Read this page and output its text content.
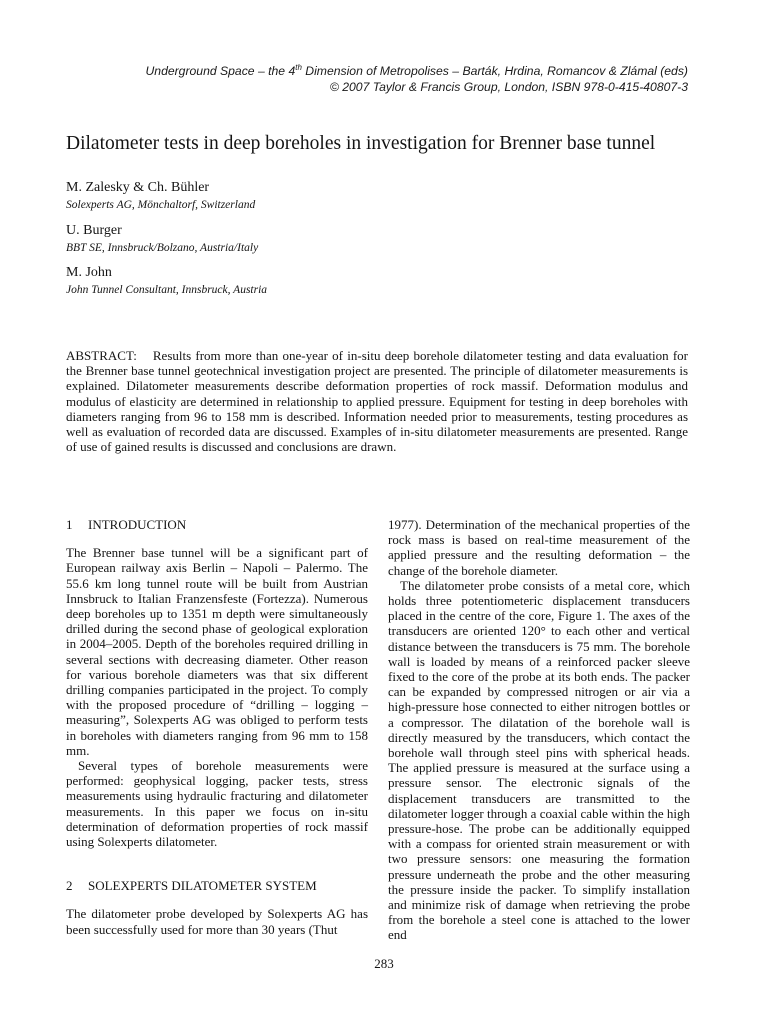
Underground Space – the 4th Dimension of Metropolises – Barták, Hrdina, Romancov & Zlámal (eds)
© 2007 Taylor & Francis Group, London, ISBN 978-0-415-40807-3
Dilatometer tests in deep boreholes in investigation for Brenner base tunnel
M. Zalesky & Ch. Bühler
Solexperts AG, Mönchaltorf, Switzerland
U. Burger
BBT SE, Innsbruck/Bolzano, Austria/Italy
M. John
John Tunnel Consultant, Innsbruck, Austria

ABSTRACT: Results from more than one-year of in-situ deep borehole dilatometer testing and data evaluation for the Brenner base tunnel geotechnical investigation project are presented. The principle of dilatometer measurements is explained. Dilatometer measurements describe deformation properties of rock massif. Deformation modulus and modulus of elasticity are determined in relationship to applied pressure. Equipment for testing in deep boreholes with diameters ranging from 96 to 158 mm is described. Information needed prior to measurements, testing procedures as well as evaluation of recorded data are discussed. Examples of in-situ dilatometer measurements are presented. Range of use of gained results is discussed and conclusions are drawn.

1 INTRODUCTION

The Brenner base tunnel will be a significant part of European railway axis Berlin – Napoli – Palermo. The 55.6 km long tunnel route will be built from Austrian Innsbruck to Italian Franzensfeste (Fortezza). Numerous deep boreholes up to 1351 m depth were simultaneously drilled during the second phase of geological exploration in 2004–2005. Depth of the boreholes required drilling in several sections with decreasing diameter. Other reason for various borehole diameters was that six different drilling companies participated in the project. To comply with the proposed procedure of “drilling – logging – measuring”, Solexperts AG was obliged to perform tests in boreholes with diameters ranging from 96 mm to 158 mm.

Several types of borehole measurements were performed: geophysical logging, packer tests, stress measurements using hydraulic fracturing and dilatometer measurements. In this paper we focus on in-situ determination of deformation properties of rock massif using Solexperts dilatometer.

2 SOLEXPERTS DILATOMETER SYSTEM

The dilatometer probe developed by Solexperts AG has been successfully used for more than 30 years (Thut

1977). Determination of the mechanical properties of the rock mass is based on real-time measurement of the applied pressure and the resulting deformation – the change of the borehole diameter.

The dilatometer probe consists of a metal core, which holds three potentiometeric displacement transducers placed in the centre of the core, Figure 1. The axes of the transducers are oriented 120° to each other and vertical distance between the transducers is 75 mm. The borehole wall is loaded by means of a reinforced packer sleeve fixed to the core of the probe at its both ends. The packer can be expanded by compressed nitrogen or air via a high-pressure hose connected to either nitrogen bottles or a compressor. The dilatation of the borehole wall is directly measured by the transducers, which contact the borehole wall through steel pins with spherical heads. The applied pressure is measured at the surface using a pressure sensor. The electronic signals of the displacement transducers are transmitted to the dilatometer logger through a coaxial cable within the high pressure-hose. The probe can be additionally equipped with a compass for oriented strain measurement or with two pressure sensors: one measuring the formation pressure underneath the probe and the other measuring the pressure inside the packer. To simplify installation and minimize risk of damage when retrieving the probe from the borehole a steel cone is attached to the lower end

283
